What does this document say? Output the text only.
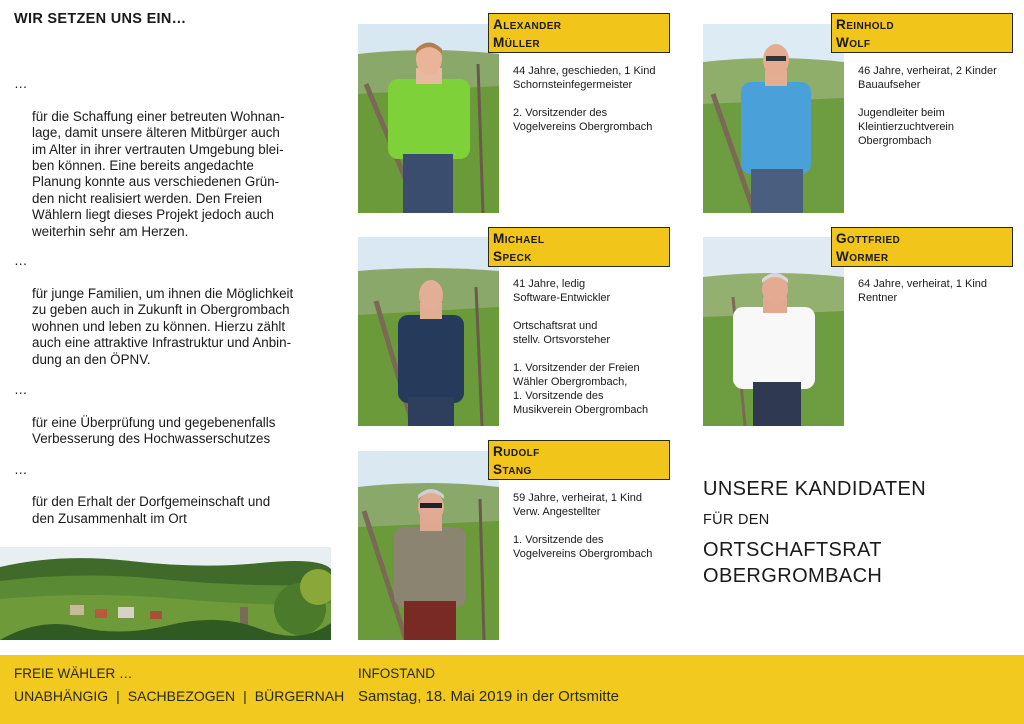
WIR SETZEN UNS EIN…

…

für die Schaffung einer betreuten Wohnan-
lage, damit unsere älteren Mitbürger auch
im Alter in ihrer vertrauten Umgebung blei-
ben können. Eine bereits angedachte
Planung konnte aus verschiedenen Grün-
den nicht realisiert werden. Den Freien
Wählern liegt dieses Projekt jedoch auch
weiterhin sehr am Herzen.

…

für junge Familien, um ihnen die Möglichkeit
zu geben auch in Zukunft in Obergrombach
wohnen und leben zu können. Hierzu zählt
auch eine attraktive Infrastruktur und Anbin-
dung an den ÖPNV.

…

für eine Überprüfung und gegebenenfalls
Verbesserung des Hochwasserschutzes

…

für den Erhalt der Dorfgemeinschaft und
den Zusammenhalt im Ort

Alexander
Müller

44 Jahre, geschieden, 1 Kind
Schornsteinfegermeister

2. Vorsitzender des
Vogelvereins Obergrombach

Reinhold
Wolf

46 Jahre, verheirat, 2 Kinder
Bauaufseher

Jugendleiter beim
Kleintierzuchtverein
Obergrombach

Michael
Speck

41 Jahre, ledig
Software-Entwickler

Ortschaftsrat und
stellv. Ortsvorsteher

1. Vorsitzender der Freien
Wähler Obergrombach,
1. Vorsitzende des
Musikverein Obergrombach

Gottfried
Wormer

64 Jahre, verheirat, 1 Kind
Rentner

Rudolf
Stang

59 Jahre, verheirat, 1 Kind
Verw. Angestellter

1. Vorsitzende des
Vogelvereins Obergrombach

UNSERE KANDIDATEN
FÜR DEN
ORTSCHAFTSRAT
OBERGROMBACH
FREIE WÄHLER …
UNABHÄNGIG | SACHBEZOGEN | BÜRGERNAH
INFOSTAND
Samstag, 18. Mai 2019 in der Ortsmitte
